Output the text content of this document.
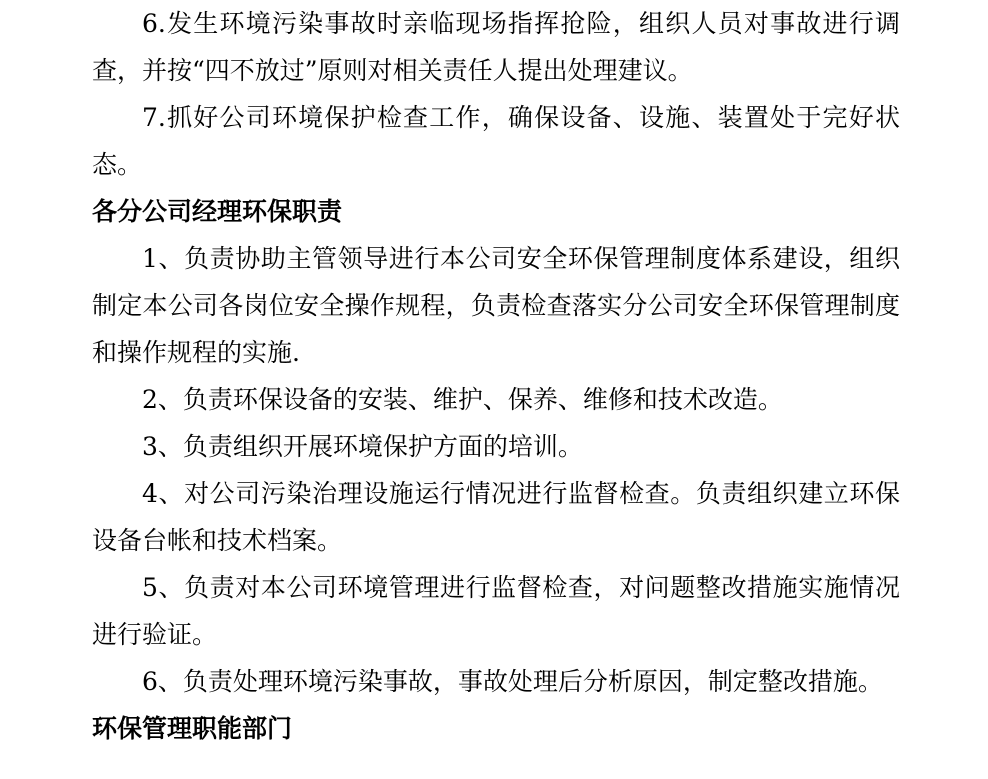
6.发生环境污染事故时亲临现场指挥抢险，组织人员对事故进行调查，并按“四不放过”原则对相关责任人提出处理建议。

7.抓好公司环境保护检查工作，确保设备、设施、装置处于完好状态。

各分公司经理环保职责

1、负责协助主管领导进行本公司安全环保管理制度体系建设，组织制定本公司各岗位安全操作规程，负责检查落实分公司安全环保管理制度和操作规程的实施.

2、负责环保设备的安装、维护、保养、维修和技术改造。

3、负责组织开展环境保护方面的培训。

4、对公司污染治理设施运行情况进行监督检查。负责组织建立环保设备台帐和技术档案。

5、负责对本公司环境管理进行监督检查，对问题整改措施实施情况进行验证。

6、负责处理环境污染事故，事故处理后分析原因，制定整改措施。

环保管理职能部门
